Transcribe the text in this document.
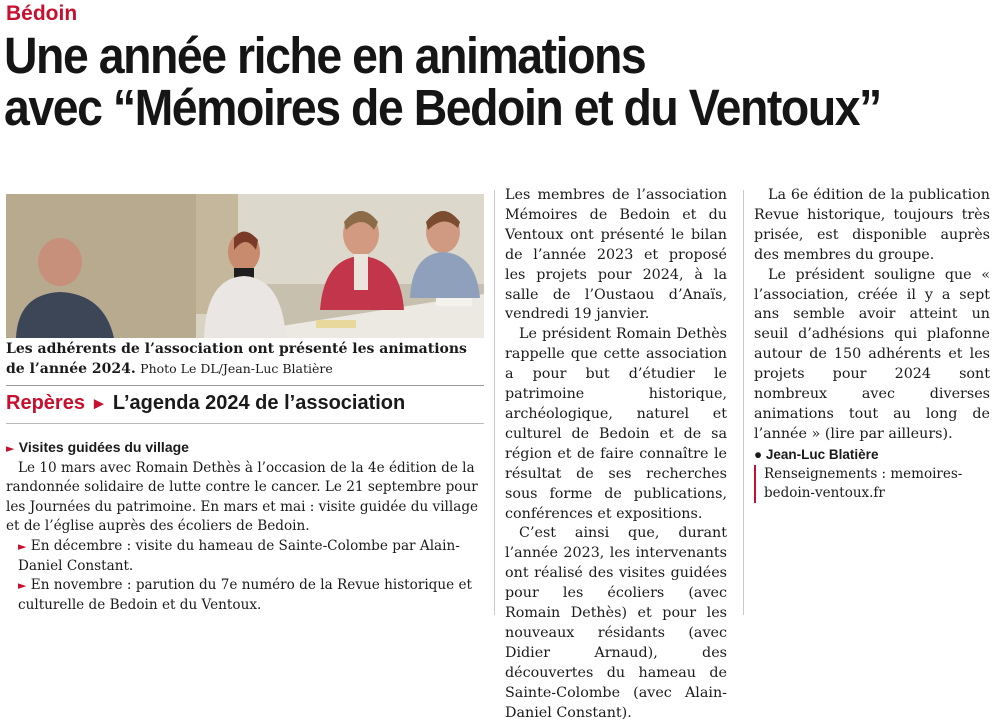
Bédoin
Une année riche en animations
avec “Mémoires de Bedoin et du Ventoux”
Les adhérents de l’association ont présenté les animations de l’année 2024. Photo Le DL/Jean-Luc Blatière
Repères ► L’agenda 2024 de l’association

► Visites guidées du village

Le 10 mars avec Romain Dethès à l’occasion de la 4e édition de la randonnée solidaire de lutte contre le cancer. Le 21 septembre pour les Journées du patrimoine. En mars et mai : visite guidée du village et de l’église auprès des écoliers de Bedoin.

► En décembre : visite du hameau de Sainte-Colombe par Alain-Daniel Constant.

► En novembre : parution du 7e numéro de la Revue historique et culturelle de Bedoin et du Ventoux.

Les membres de l’association Mémoires de Bedoin et du Ventoux ont présenté le bilan de l’année 2023 et proposé les projets pour 2024, à la salle de l’Oustaou d’Anaïs, vendredi 19 janvier.

Le président Romain Dethès rappelle que cette association a pour but d’étudier le patrimoine historique, archéologique, naturel et culturel de Bedoin et de sa région et de faire connaître le résultat de ses recherches sous forme de publications, conférences et expositions.

C’est ainsi que, durant l’année 2023, les intervenants ont réalisé des visites guidées pour les écoliers (avec Romain Dethès) et pour les nouveaux résidants (avec Didier Arnaud), des découvertes du hameau de Sainte-Colombe (avec Alain-Daniel Constant).

La 6e édition de la publication Revue historique, toujours très prisée, est disponible auprès des membres du groupe.

Le président souligne que « l’association, créée il y a sept ans semble avoir atteint un seuil d’adhésions qui plafonne autour de 150 adhérents et les projets pour 2024 sont nombreux avec diverses animations tout au long de l’année » (lire par ailleurs).

● Jean-Luc Blatière

Renseignements : memoires-bedoin-ventoux.fr
